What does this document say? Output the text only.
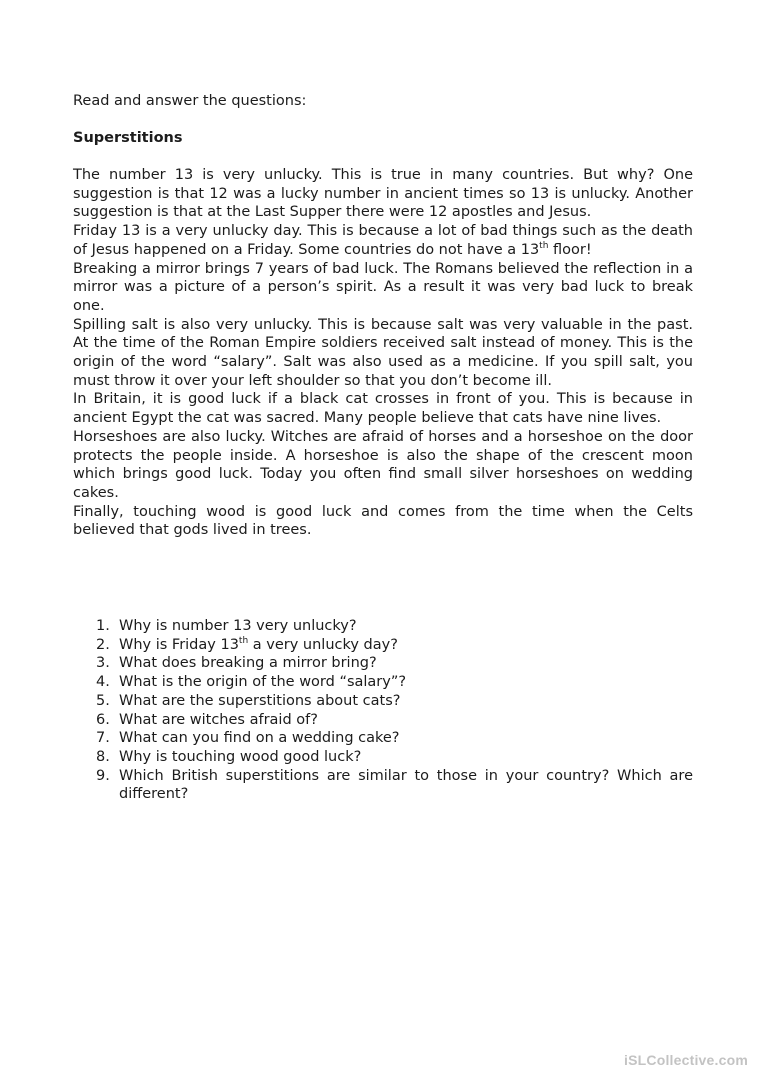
Read and answer the questions:

Superstitions

The number 13 is very unlucky. This is true in many countries. But why? One suggestion is that 12 was a lucky number in ancient times so 13 is unlucky. Another suggestion is that at the Last Supper there were 12 apostles and Jesus.

Friday 13 is a very unlucky day. This is because a lot of bad things such as the death of Jesus happened on a Friday. Some countries do not have a 13th floor!

Breaking a mirror brings 7 years of bad luck. The Romans believed the reflection in a mirror was a picture of a person’s spirit. As a result it was very bad luck to break one.

Spilling salt is also very unlucky. This is because salt was very valuable in the past. At the time of the Roman Empire soldiers received salt instead of money. This is the origin of the word “salary”. Salt was also used as a medicine. If you spill salt, you must throw it over your left shoulder so that you don’t become ill.

In Britain, it is good luck if a black cat crosses in front of you. This is because in ancient Egypt the cat was sacred. Many people believe that cats have nine lives.

Horseshoes are also lucky. Witches are afraid of horses and a horseshoe on the door protects the people inside. A horseshoe is also the shape of the crescent moon which brings good luck. Today you often find small silver horseshoes on wedding cakes.

Finally, touching wood is good luck and comes from the time when the Celts believed that gods lived in trees.

1. Why is number 13 very unlucky?
2. Why is Friday 13th a very unlucky day?
3. What does breaking a mirror bring?
4. What is the origin of the word “salary”?
5. What are the superstitions about cats?
6. What are witches afraid of?
7. What can you find on a wedding cake?
8. Why is touching wood good luck?
9. Which British superstitions are similar to those in your country? Which are different?
iSLCollective.com
